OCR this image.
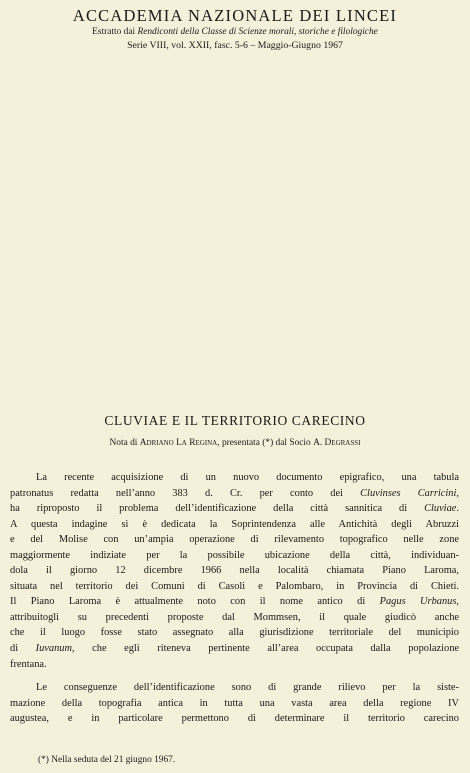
ACCADEMIA NAZIONALE DEI LINCEI

Estratto dai Rendiconti della Classe di Scienze morali, storiche e filologiche

Serie VIII, vol. XXII, fasc. 5-6 – Maggio-Giugno 1967

CLUVIAE E IL TERRITORIO CARECINO

Nota di Adriano La Regina, presentata (*) dal Socio A. Degrassi

La recente acquisizione di un nuovo documento epigrafico, una tabula
patronatus redatta nell’anno 383 d. Cr. per conto dei Cluvinses Carricini,
ha riproposto il problema dell’identificazione della città sannitica di Cluviae.
A questa indagine si è dedicata la Soprintendenza alle Antichità degli Abruzzi
e del Molise con un’ampia operazione di rilevamento topografico nelle zone
maggiormente indiziate per la possibile ubicazione della città, individuan-
dola il giorno 12 dicembre 1966 nella località chiamata Piano Laroma,
situata nel territorio dei Comuni di Casoli e Palombaro, in Provincia di Chieti.
Il Piano Laroma è attualmente noto con il nome antico di Pagus Urbanus,
attribuitogli su precedenti proposte dal Mommsen, il quale giudicò anche
che il luogo fosse stato assegnato alla giurisdizione territoriale del municipio
di Iuvanum, che egli riteneva pertinente all’area occupata dalla popolazione
frentana.
Le conseguenze dell’identificazione sono di grande rilievo per la siste-
mazione della topografia antica in tutta una vasta area della regione IV
augustea, e in particolare permettono di determinare il territorio carecino
(*) Nella seduta del 21 giugno 1967.
